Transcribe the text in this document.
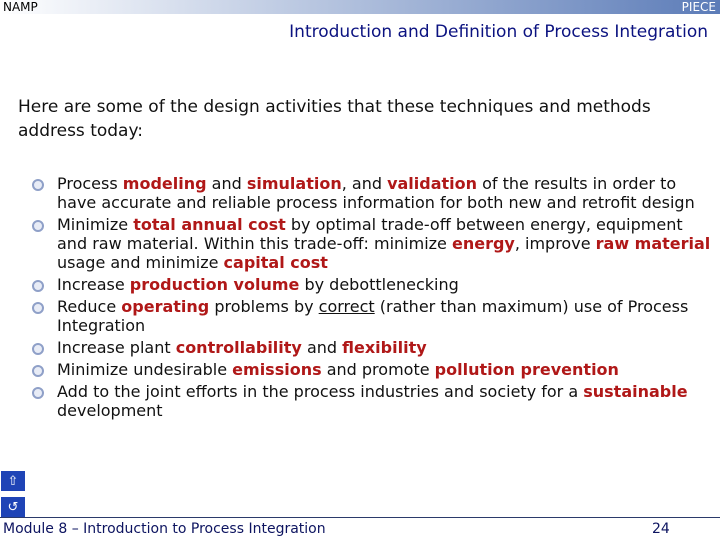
NAMP	PIECE
Introduction and Definition of Process Integration
Here are some of the design activities that these techniques and methods address today:
Process modeling and simulation, and validation of the results in order to have accurate and reliable process information for both new and retrofit design
Minimize total annual cost by optimal trade-off between energy, equipment and raw material. Within this trade-off: minimize energy, improve raw material usage and minimize capital cost
Increase production volume by debottlenecking
Reduce operating problems by correct (rather than maximum) use of Process Integration
Increase plant controllability and flexibility
Minimize undesirable emissions and promote pollution prevention
Add to the joint efforts in the process industries and society for a sustainable development
⇧
↺
Module 8 – Introduction to Process Integration	24
